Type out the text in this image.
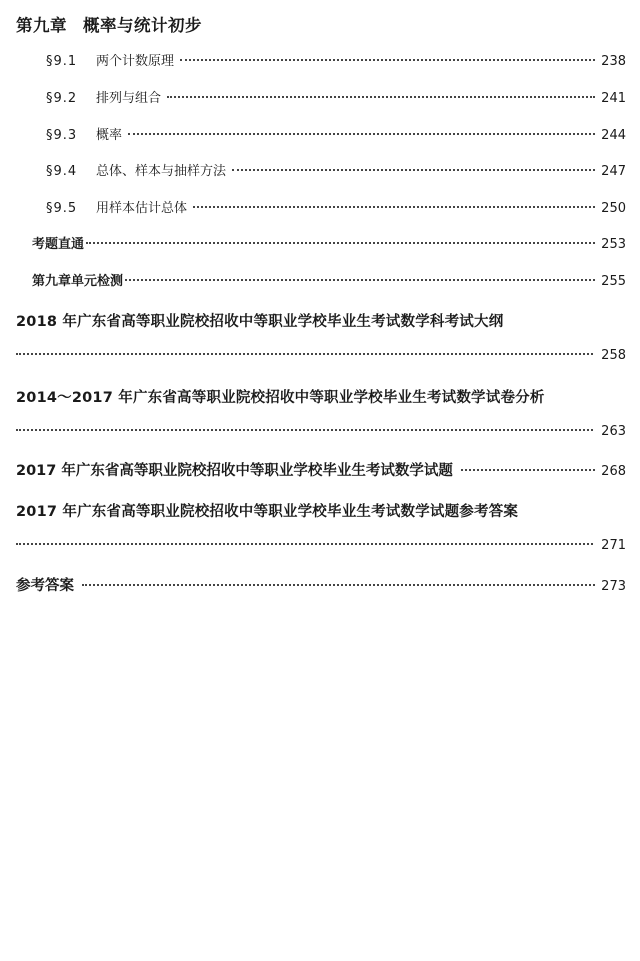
第九章 概率与统计初步
§9.1 两个计数原理	238
§9.2 排列与组合	241
§9.3 概率	244
§9.4 总体、样本与抽样方法	247
§9.5 用样本估计总体	250
考题直通	253
第九章单元检测	255
2018 年广东省高等职业院校招收中等职业学校毕业生考试数学科考试大纲
258
2014～2017 年广东省高等职业院校招收中等职业学校毕业生考试数学试卷分析
263
2017 年广东省高等职业院校招收中等职业学校毕业生考试数学试题	268
2017 年广东省高等职业院校招收中等职业学校毕业生考试数学试题参考答案
271
参考答案	273
